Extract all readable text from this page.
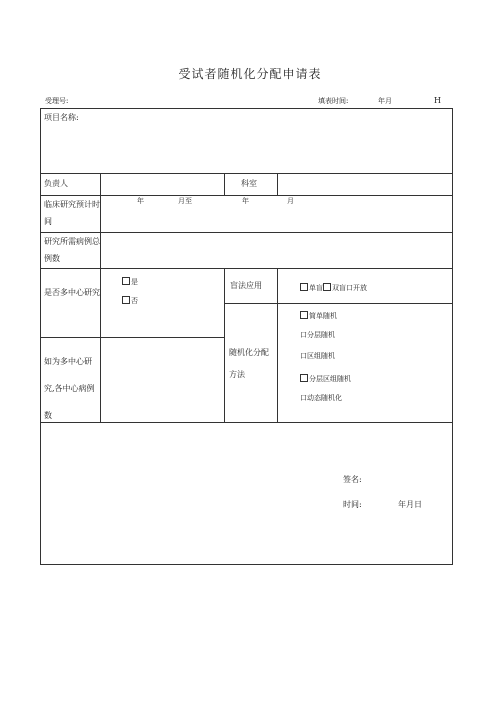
受试者随机化分配申请表
受理号:	填表时间:	年月	H
项目名称:
负责人	科室
临床研究预计时间
年	月至	年	月
研究所需病例总例数
是否多中心研究
是
否
盲法应用	单盲 双盲口开放
如为多中心研究,各中心病例数
随机化分配方法
简单随机
口分层随机
口区组随机
分层区组随机
口动态随机化
签名:
时间:	年月日
